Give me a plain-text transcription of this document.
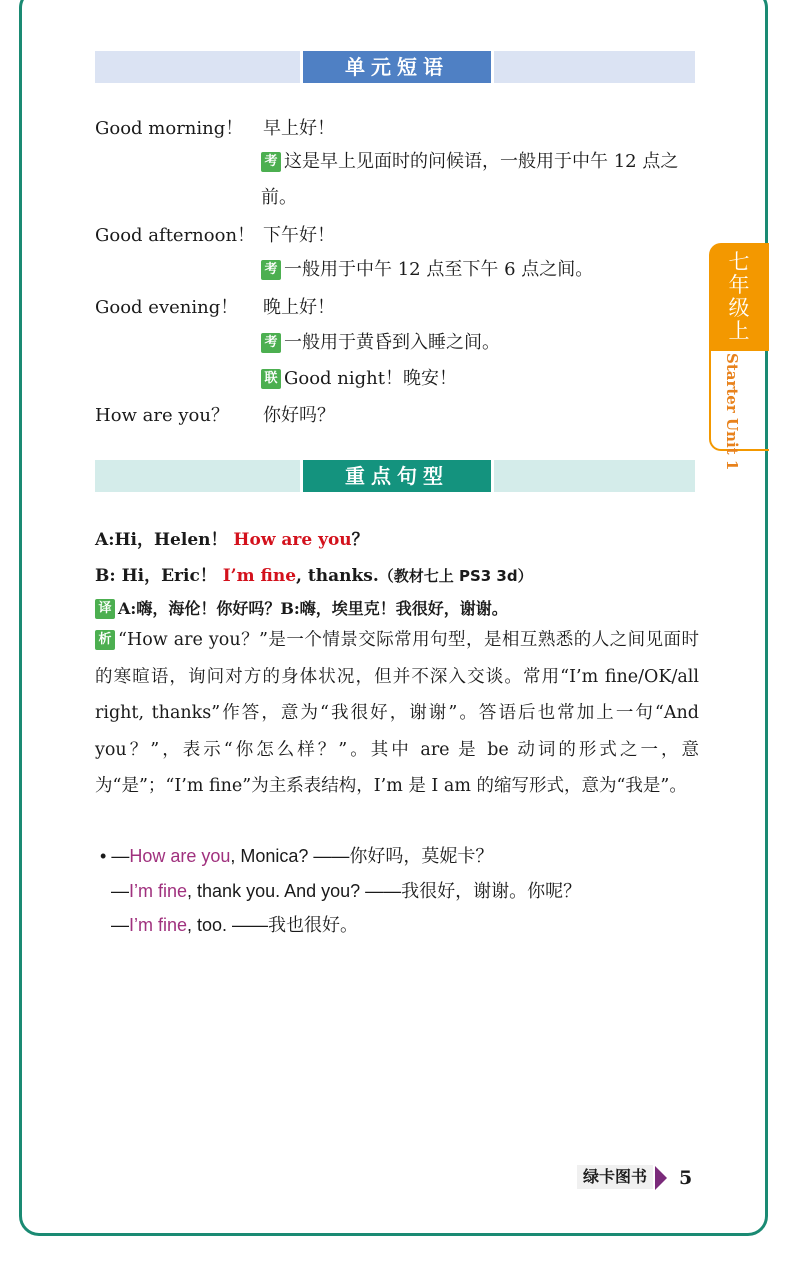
单元短语
Good morning！ 早上好！
考 这是早上见面时的问候语，一般用于中午 12 点之前。
Good afternoon！ 下午好！
考 一般用于中午 12 点至下午 6 点之间。
Good evening！ 晚上好！
考 一般用于黄昏到入睡之间。
联 Good night！晚安！
How are you？ 你好吗？
重点句型
A:Hi，Helen！ How are you？
B: Hi，Eric！ I’m fine, thanks.（教材七上 PS3 3d）
译 A:嗨，海伦！你好吗？B:嗨，埃里克！我很好，谢谢。
析 “How are you？”是一个情景交际常用句型，是相互熟悉的人之间见面时的寒暄语，询问对方的身体状况，但并不深入交谈。常用“I’m fine/OK/all right, thanks”作答，意为“我很好，谢谢”。答语后也常加上一句“And you？”，表示“你怎么样？”。其中 are 是 be 动词的形式之一，意为“是”；“I’m fine”为主系表结构，I’m 是 I am 的缩写形式，意为“我是”。
• —How are you, Monica? ——你好吗，莫妮卡？
—I’m fine, thank you. And you? ——我很好，谢谢。你呢？
—I’m fine, too. ——我也很好。
七
年
级
上
Starter Unit 1
绿卡图书 5
